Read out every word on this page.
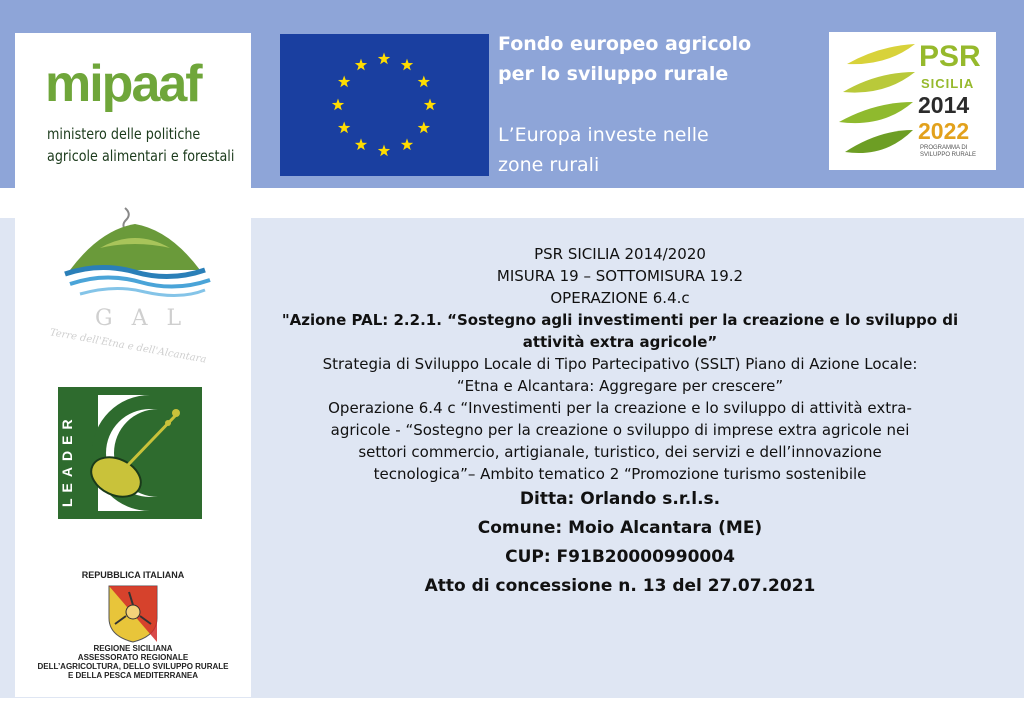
mipaaf
ministero delle politiche
agricole alimentari e forestali
Fondo europeo agricolo
per lo sviluppo rurale
L’Europa investe nelle
zone rurali
PSR
SICILIA
2014
2022
PROGRAMMA DI
SVILUPPO RURALE
G A L
Terre dell'Etna e dell'Alcantara
LEADER
REPUBBLICA ITALIANA
REGIONE SICILIANA
ASSESSORATO REGIONALE
DELL’AGRICOLTURA, DELLO SVILUPPO RURALE
E DELLA PESCA MEDITERRANEA
PSR SICILIA 2014/2020
MISURA 19 – SOTTOMISURA 19.2
OPERAZIONE 6.4.c
"Azione PAL: 2.2.1. “Sostegno agli investimenti per la creazione e lo sviluppo di
attività extra agricole”
Strategia di Sviluppo Locale di Tipo Partecipativo (SSLT) Piano di Azione Locale:
“Etna e Alcantara: Aggregare per crescere”
Operazione 6.4 c “Investimenti per la creazione e lo sviluppo di attività extra-
agricole - “Sostegno per la creazione o sviluppo di imprese extra agricole nei
settori commercio, artigianale, turistico, dei servizi e dell’innovazione
tecnologica”– Ambito tematico 2 “Promozione turismo sostenibile
Ditta: Orlando s.r.l.s.
Comune: Moio Alcantara (ME)
CUP: F91B20000990004
Atto di concessione n. 13 del 27.07.2021
